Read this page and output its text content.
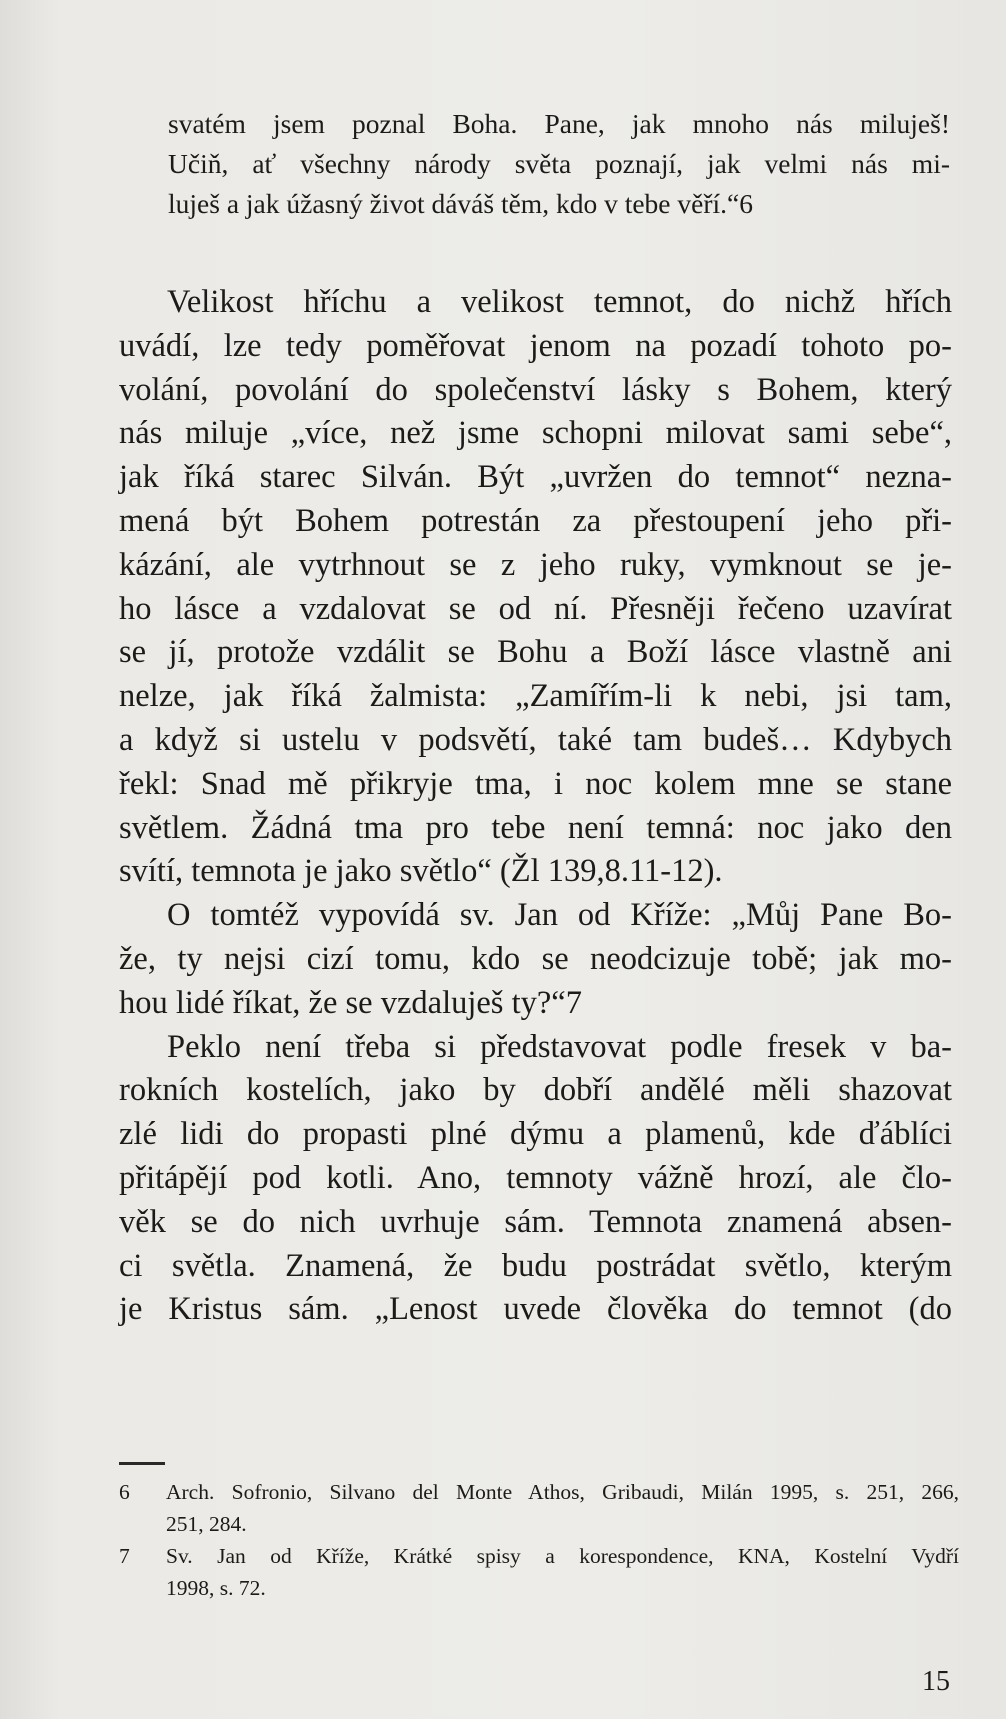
svatém jsem poznal Boha. Pane, jak mnoho nás miluješ!
Učiň, ať všechny národy světa poznají, jak velmi nás mi-
luješ a jak úžasný život dáváš těm, kdo v tebe věří.“6
Velikost hříchu a velikost temnot, do nichž hřích
uvádí, lze tedy poměřovat jenom na pozadí tohoto po-
volání, povolání do společenství lásky s Bohem, který
nás miluje „více, než jsme schopni milovat sami sebe“,
jak říká starec Silván. Být „uvržen do temnot“ nezna-
mená být Bohem potrestán za přestoupení jeho při-
kázání, ale vytrhnout se z jeho ruky, vymknout se je-
ho lásce a vzdalovat se od ní. Přesněji řečeno uzavírat
se jí, protože vzdálit se Bohu a Boží lásce vlastně ani
nelze, jak říká žalmista: „Zamířím-li k nebi, jsi tam,
a když si ustelu v podsvětí, také tam budeš… Kdybych
řekl: Snad mě přikryje tma, i noc kolem mne se stane
světlem. Žádná tma pro tebe není temná: noc jako den
svítí, temnota je jako světlo“ (Žl 139,8.11-12).
O tomtéž vypovídá sv. Jan od Kříže: „Můj Pane Bo-
že, ty nejsi cizí tomu, kdo se neodcizuje tobě; jak mo-
hou lidé říkat, že se vzdaluješ ty?“7
Peklo není třeba si představovat podle fresek v ba-
rokních kostelích, jako by dobří andělé měli shazovat
zlé lidi do propasti plné dýmu a plamenů, kde ďáblíci
přitápějí pod kotli. Ano, temnoty vážně hrozí, ale člo-
věk se do nich uvrhuje sám. Temnota znamená absen-
ci světla. Znamená, že budu postrádat světlo, kterým
je Kristus sám. „Lenost uvede člověka do temnot (do
6	Arch. Sofronio, Silvano del Monte Athos, Gribaudi, Milán 1995, s. 251, 266,
251, 284.
7	Sv. Jan od Kříže, Krátké spisy a korespondence, KNA, Kostelní Vydří
1998, s. 72.
15
